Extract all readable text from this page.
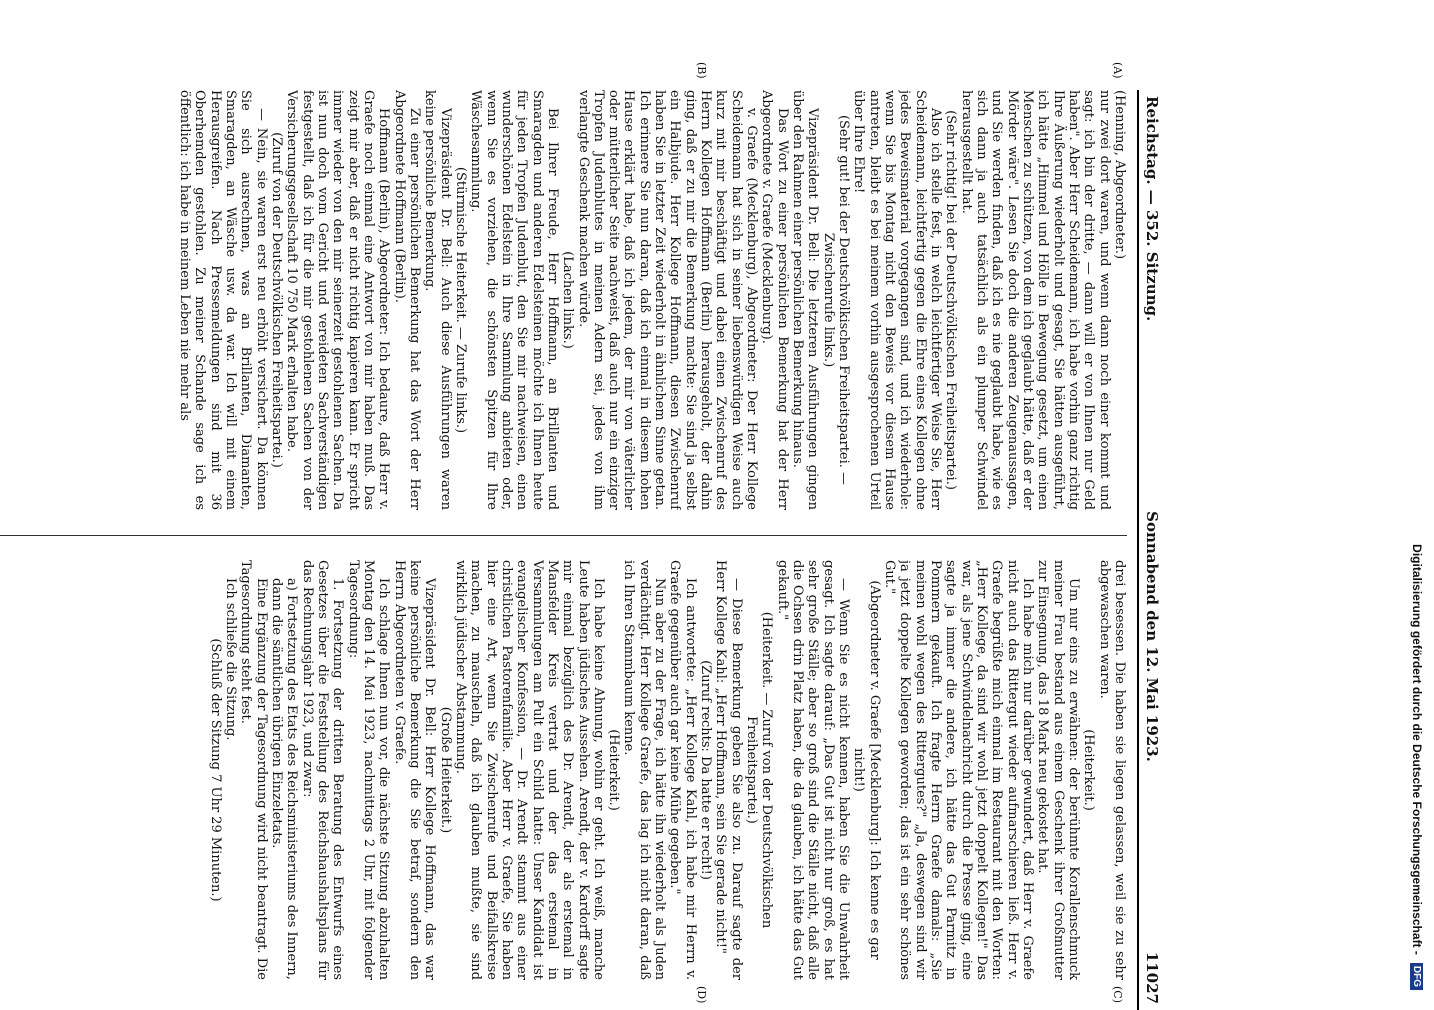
Reichstag. — 352. Sitzung.
Sonnabend den 12. Mai 1923.
11027
(A)
(B)
(C)
(D)

(Henning, Abgeordneter.)

nur zwei dort waren, und wenn dann noch einer kommt und sagt: ich bin der dritte, — dann will er von Ihnen nur Geld haben". Aber Herr Scheidemann, ich habe vorhin ganz richtig Ihre Äußerung wiederholt und gesagt, Sie hätten ausgeführt, ich hätte „Himmel und Hölle in Bewegung gesetzt, um einen Menschen zu schützen, von dem ich geglaubt hätte, daß er der Mörder wäre". Lesen Sie doch die anderen Zeugenaussagen, und Sie werden finden, daß ich es nie geglaubt habe, wie es sich dann ja auch tatsächlich als ein plumper Schwindel herausgestellt hat.

(Sehr richtig! bei der Deutschvölkischen Freiheitspartei.)

Also ich stelle fest, in welch leichtfertiger Weise Sie, Herr Scheidemann, leichtfertig gegen die Ehre eines Kollegen ohne jedes Beweismaterial vorgegangen sind, und ich wiederhole: wenn Sie bis Montag nicht den Beweis vor diesem Hause antreten, bleibt es bei meinem vorhin ausgesprochenen Urteil über Ihre Ehre!

(Sehr gut! bei der Deutschvölkischen Freiheitspartei. — Zwischenrufe links.)

Vizepräsident Dr. Bell: Die letzteren Ausführungen gingen über den Rahmen einer persönlichen Bemerkung hinaus.

Das Wort zu einer persönlichen Bemerkung hat der Herr Abgeordnete v. Graefe (Mecklenburg).

v. Graefe (Mecklenburg), Abgeordneter: Der Herr Kollege Scheidemann hat sich in seiner liebenswürdigen Weise auch kurz mit mir beschäftigt und dabei einen Zwischenruf des Herrn Kollegen Hoffmann (Berlin) herausgeholt, der dahin ging, daß er zu mir die Bemerkung machte: Sie sind ja selbst ein Halbjude. Herr Kollege Hoffmann, diesen Zwischenruf haben Sie in letzter Zeit wiederholt in ähnlichem Sinne getan. Ich erinnere Sie nun daran, daß ich einmal in diesem hohen Hause erklärt habe, daß ich jedem, der mir von väterlicher oder mütterlicher Seite nachweist, daß auch nur ein einziger Tropfen Judenblutes in meinen Adern sei, jedes von ihm verlangte Geschenk machen würde.

(Lachen links.)

Bei Ihrer Freude, Herr Hoffmann, an Brillanten und Smaragden und anderen Edelsteinen möchte ich Ihnen heute für jeden Tropfen Judenblut, den Sie mir nachweisen, einen wunderschönen Edelstein in Ihre Sammlung anbieten oder, wenn Sie es vorziehen, die schönsten Spitzen für Ihre Wäschesammlung.

(Stürmische Heiterkeit. — Zurufe links.)

Vizepräsident Dr. Bell: Auch diese Ausführungen waren keine persönliche Bemerkung.

Zu einer persönlichen Bemerkung hat das Wort der Herr Abgeordnete Hoffmann (Berlin).

Hoffmann (Berlin), Abgeordneter: Ich bedaure, daß Herr v. Graefe noch einmal eine Antwort von mir haben muß. Das zeigt mir aber, daß er nicht richtig kapieren kann. Er spricht immer wieder von den mir seinerzeit gestohlenen Sachen. Da ist nun doch vom Gericht und vereideten Sachverständigen festgestellt, daß ich für die mir gestohlenen Sachen von der Versicherungsgesellschaft 10 750 Mark erhalten habe.

(Zuruf von der Deutschvölkischen Freiheitspartei.)

— Nein, sie waren erst neu erhöht versichert. Da können Sie sich ausrechnen, was an Brillanten, Diamanten, Smaragden, an Wäsche usw. da war. Ich will mit einem Herausgreifen. Nach Pressemeldungen sind mit 36 Oberhemden gestohlen. Zu meiner Schande sage ich es öffentlich: ich habe in meinem Leben nie mehr als

drei besessen. Die haben sie liegen gelassen, weil sie zu sehr abgewaschen waren.

(Heiterkeit.)

Um nur eins zu erwähnen: der berühmte Korallenschmuck meiner Frau bestand aus einem Geschenk ihrer Großmutter zur Einsegnung, das 18 Mark neu gekostet hat.

Ich habe mich nur darüber gewundert, daß Herr v. Graefe nicht auch das Rittergut wieder aufmarschieren ließ. Herr v. Graefe begrüßte mich einmal im Restaurant mit den Worten: „Herr Kollege, da sind wir wohl jetzt doppelt Kollegen!" Das war, als jene Schwindelnachricht durch die Presse ging, eine sagte ja immer die andere, ich hätte das Gut Parmitz in Pommern gekauft. Ich fragte Herrn Graefe damals: „Sie meinen wohl wegen des Rittergutes?" „Ja, deswegen sind wir ja jetzt doppelte Kollegen geworden; das ist ein sehr schönes Gut."

(Abgeordneter v. Graefe [Mecklenburg]: Ich kenne es gar nicht!)

— Wenn Sie es nicht kennen, haben Sie die Unwahrheit gesagt. Ich sagte darauf: „Das Gut ist nicht nur groß, es hat sehr große Ställe; aber so groß sind die Ställe nicht, daß alle die Ochsen drin Platz haben, die da glauben, ich hätte das Gut gekauft."

(Heiterkeit. — Zuruf von der Deutschvölkischen Freiheitspartei.)

— Diese Bemerkung geben Sie also zu. Darauf sagte der Herr Kollege Kahl: „Herr Hoffmann, sein Sie gerade nicht!"

(Zuruf rechts: Da hatte er recht!)

Ich antwortete: „Herr Kollege Kahl, ich habe mir Herrn v. Graefe gegenüber auch gar keine Mühe gegeben."

Nun aber zu der Frage, ich hätte ihn wiederholt als Juden verdächtigt. Herr Kollege Graefe, das lag ich nicht daran, daß ich Ihren Stammbaum kenne.

(Heiterkeit.)

Ich habe keine Ahnung, wohin er geht. Ich weiß, manche Leute haben jüdisches Aussehen. Arendt, der v. Kardorff sagte mir einmal bezüglich des Dr. Arendt, der als erstemal in Mansfelder Kreis vertrat und der das erstemal in Versammlungen am Pult ein Schild hatte: Unser Kandidat ist evangelischer Konfession, — Dr. Arendt stammt aus einer christlichen Pastorenfamilie. Aber Herr v. Graefe, Sie haben hier eine Art, wenn Sie Zwischenrufe und Beifallskreise machen, zu mauscheln, daß ich glauben mußte, sie sind wirklich jüdischer Abstammung.

(Große Heiterkeit.)

Vizepräsident Dr. Bell: Herr Kollege Hoffmann, das war keine persönliche Bemerkung die Sie betraf, sondern den Herrn Abgeordneten v. Graefe.

Ich schlage Ihnen nun vor, die nächste Sitzung abzuhalten Montag den 14. Mai 1923, nachmittags 2 Uhr, mit folgender Tagesordnung:

1. Fortsetzung der dritten Beratung des Entwurfs eines Gesetzes über die Feststellung des Reichshaushaltsplans für das Rechnungsjahr 1923, und zwar:

a) Fortsetzung des Etats des Reichsministeriums des Innern,

dann die sämtlichen übrigen Einzeletats.

Eine Ergänzung der Tagesordnung wird nicht beantragt. Die Tagesordnung steht fest.

Ich schließe die Sitzung.

(Schluß der Sitzung 7 Uhr 29 Minuten.)	Digitalisierung gefördert durch die Deutsche Forschungsgemeinschaft -
DFG
